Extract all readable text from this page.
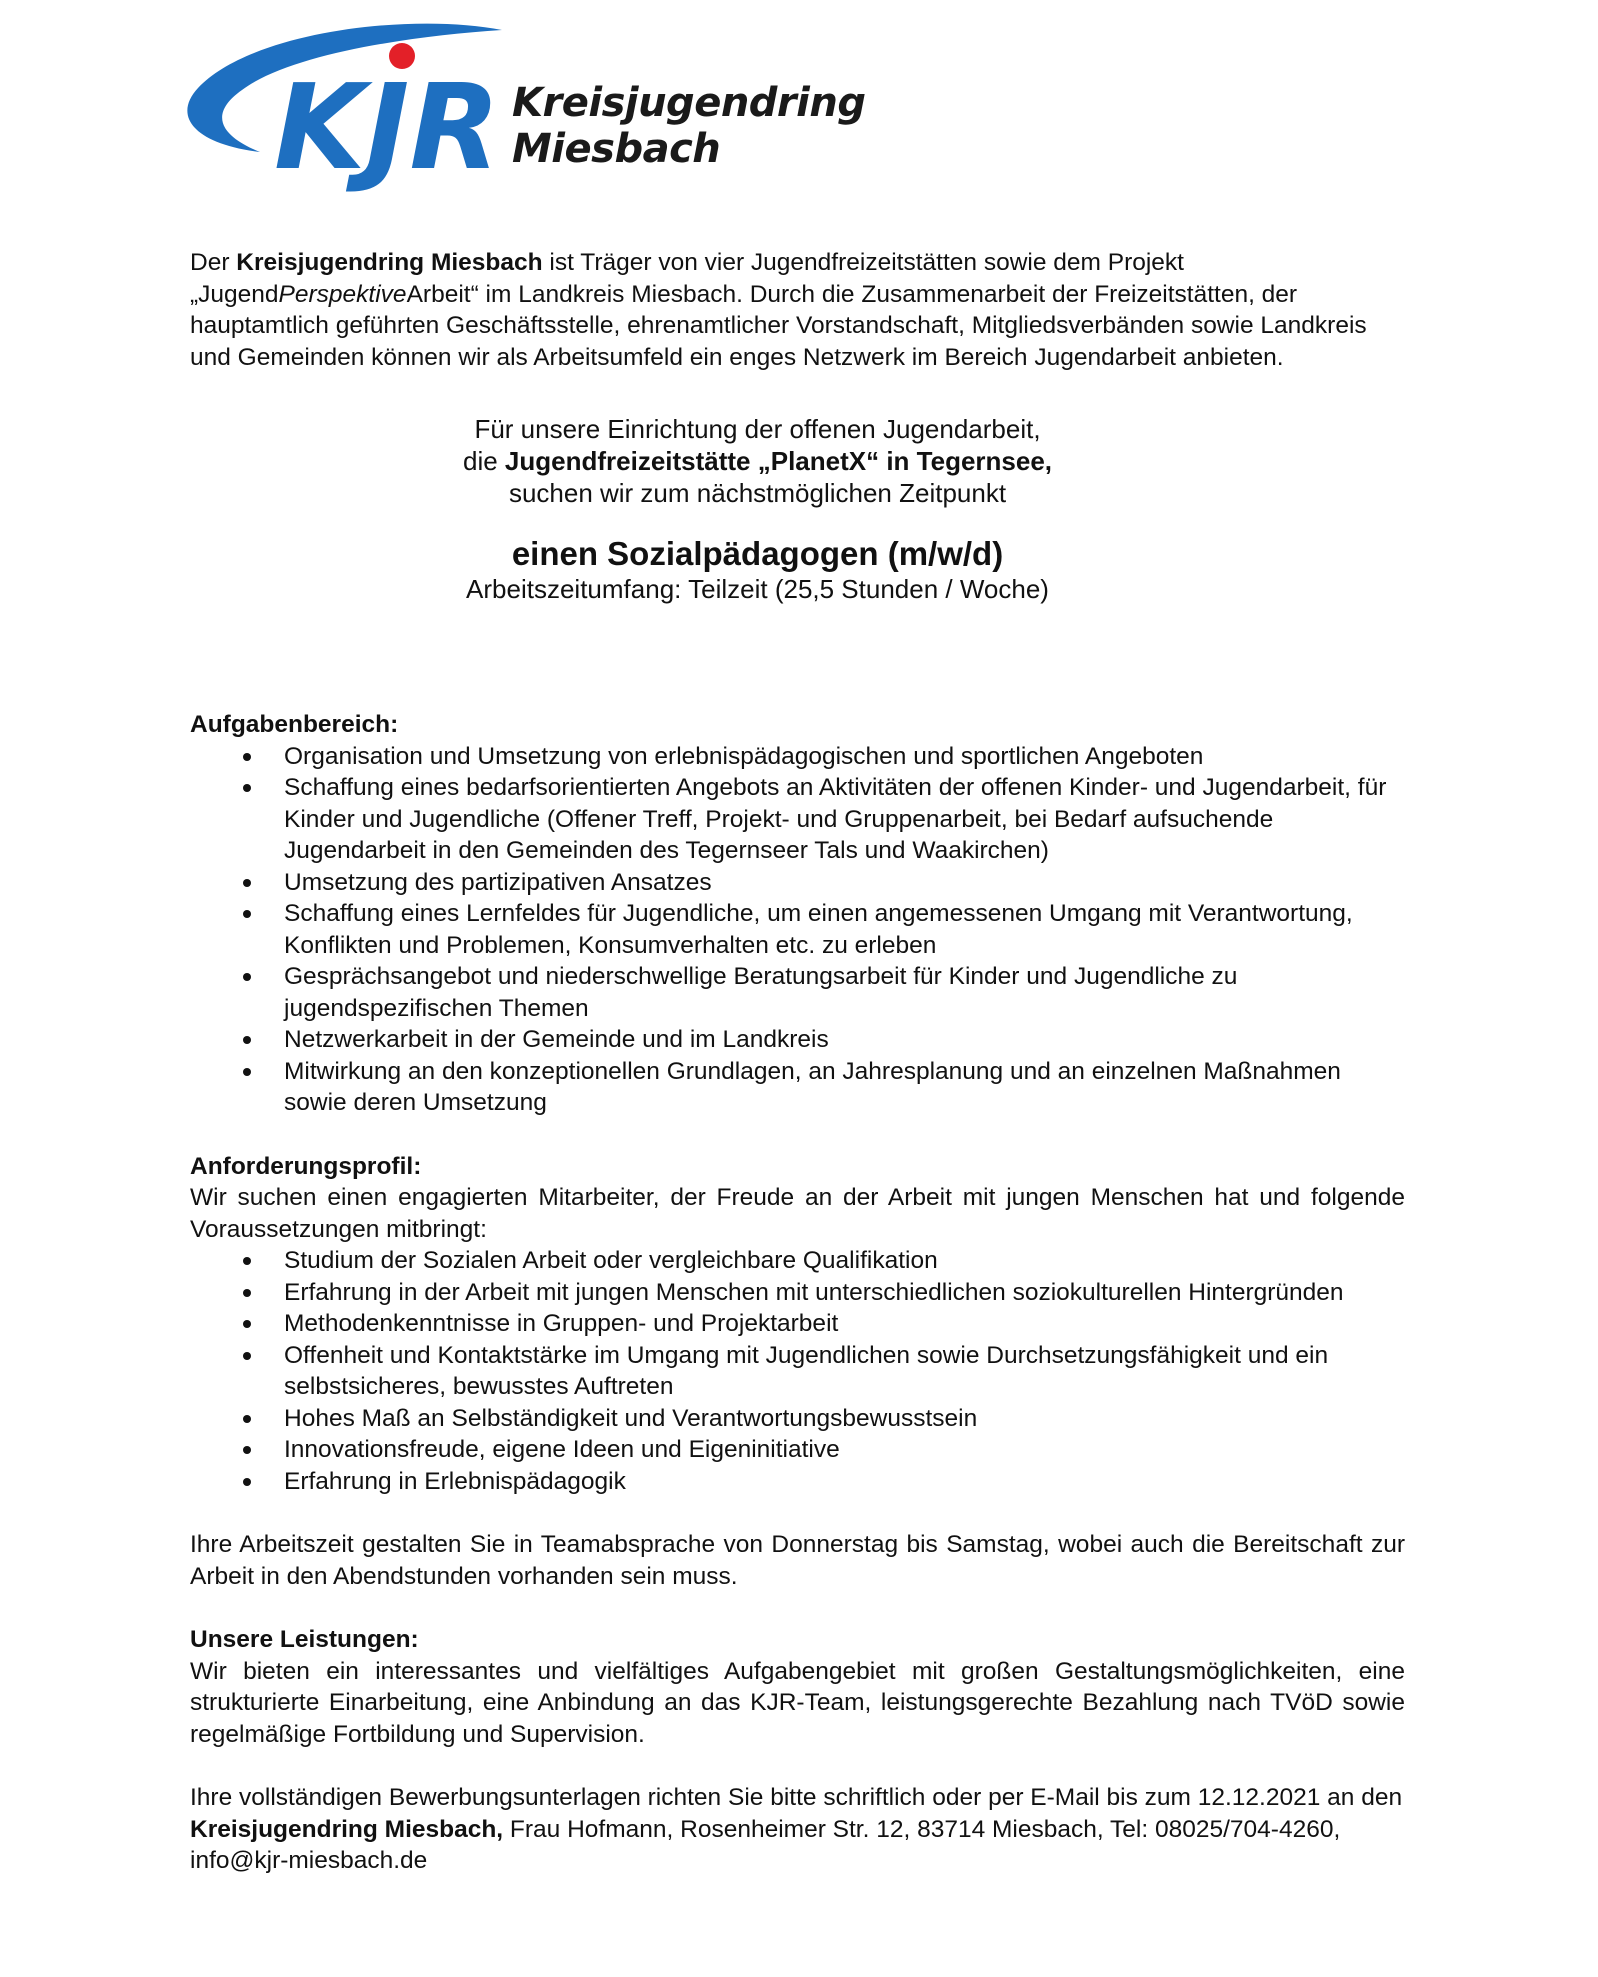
KJR Kreisjugendring
Miesbach

Der Kreisjugendring Miesbach ist Träger von vier Jugendfreizeitstätten sowie dem Projekt „JugendPerspektiveArbeit“ im Landkreis Miesbach. Durch die Zusammenarbeit der Freizeitstätten, der hauptamtlich geführten Geschäftsstelle, ehrenamtlicher Vorstandschaft, Mitgliedsverbänden sowie Landkreis und Gemeinden können wir als Arbeitsumfeld ein enges Netzwerk im Bereich Jugendarbeit anbieten.

Für unsere Einrichtung der offenen Jugendarbeit,
die Jugendfreizeitstätte „PlanetX“ in Tegernsee,
suchen wir zum nächstmöglichen Zeitpunkt
einen Sozialpädagogen (m/w/d)
Arbeitszeitumfang: Teilzeit (25,5 Stunden / Woche)

Aufgabenbereich:

Organisation und Umsetzung von erlebnispädagogischen und sportlichen Angeboten
Schaffung eines bedarfsorientierten Angebots an Aktivitäten der offenen Kinder- und Jugendarbeit, für Kinder und Jugendliche (Offener Treff, Projekt- und Gruppenarbeit, bei Bedarf aufsuchende Jugendarbeit in den Gemeinden des Tegernseer Tals und Waakirchen)
Umsetzung des partizipativen Ansatzes
Schaffung eines Lernfeldes für Jugendliche, um einen angemessenen Umgang mit Verantwortung, Konflikten und Problemen, Konsumverhalten etc. zu erleben
Gesprächsangebot und niederschwellige Beratungsarbeit für Kinder und Jugendliche zu jugendspezifischen Themen
Netzwerkarbeit in der Gemeinde und im Landkreis
Mitwirkung an den konzeptionellen Grundlagen, an Jahresplanung und an einzelnen Maßnahmen sowie deren Umsetzung

Anforderungsprofil:

Wir suchen einen engagierten Mitarbeiter, der Freude an der Arbeit mit jungen Menschen hat und folgende Voraussetzungen mitbringt:

Studium der Sozialen Arbeit oder vergleichbare Qualifikation
Erfahrung in der Arbeit mit jungen Menschen mit unterschiedlichen soziokulturellen Hintergründen
Methodenkenntnisse in Gruppen- und Projektarbeit
Offenheit und Kontaktstärke im Umgang mit Jugendlichen sowie Durchsetzungsfähigkeit und ein selbstsicheres, bewusstes Auftreten
Hohes Maß an Selbständigkeit und Verantwortungsbewusstsein
Innovationsfreude, eigene Ideen und Eigeninitiative
Erfahrung in Erlebnispädagogik

Ihre Arbeitszeit gestalten Sie in Teamabsprache von Donnerstag bis Samstag, wobei auch die Bereitschaft zur Arbeit in den Abendstunden vorhanden sein muss.

Unsere Leistungen:

Wir bieten ein interessantes und vielfältiges Aufgabengebiet mit großen Gestaltungsmöglichkeiten, eine strukturierte Einarbeitung, eine Anbindung an das KJR-Team, leistungsgerechte Bezahlung nach TVöD sowie regelmäßige Fortbildung und Supervision.

Ihre vollständigen Bewerbungsunterlagen richten Sie bitte schriftlich oder per E-Mail bis zum 12.12.2021 an den Kreisjugendring Miesbach, Frau Hofmann, Rosenheimer Str. 12, 83714 Miesbach, Tel: 08025/704-4260, info@kjr-miesbach.de
